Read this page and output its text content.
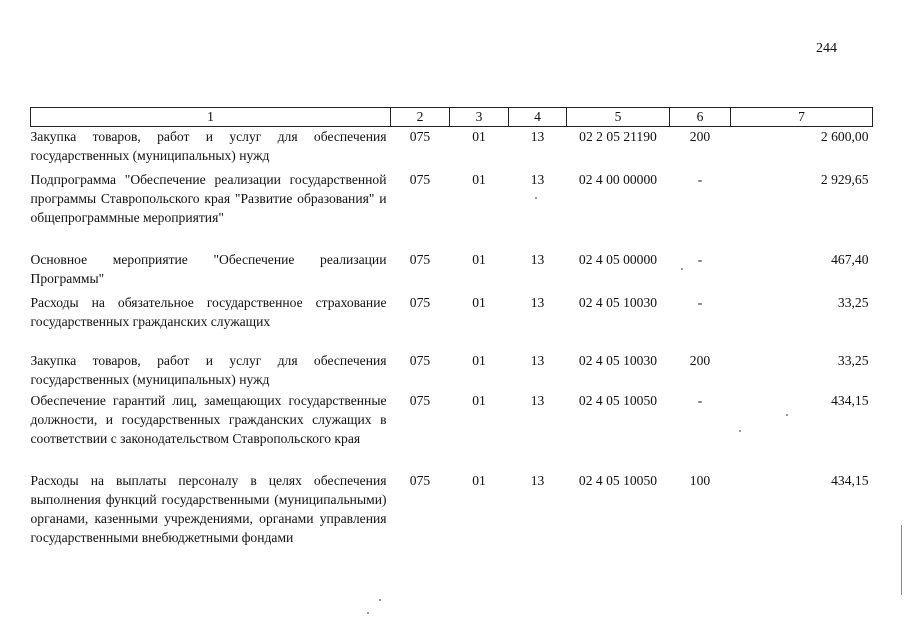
244
1	2	3	4	5	6	7
Закупка товаров, работ и услуг для обеспечения государственных (муниципальных) нужд	075	01	13	02 2 05 21190	200	2 600,00
Подпрограмма "Обеспечение реализации государственной программы Ставропольского края "Развитие образования" и общепрограммные мероприятия"	075	01	13	02 4 00 00000	-	2 929,65
Основное мероприятие "Обеспечение реализации Программы"	075	01	13	02 4 05 00000	-	467,40
Расходы на обязательное государственное страхование государственных гражданских служащих	075	01	13	02 4 05 10030	-	33,25
Закупка товаров, работ и услуг для обеспечения государственных (муниципальных) нужд	075	01	13	02 4 05 10030	200	33,25
Обеспечение гарантий лиц, замещающих государственные должности, и государственных гражданских служащих в соответствии с законодательством Ставропольского края	075	01	13	02 4 05 10050	-	434,15
Расходы на выплаты персоналу в целях обеспечения выполнения функций государственными (муниципальными) органами, казенными учреждениями, органами управления государственными внебюджетными фондами	075	01	13	02 4 05 10050	100	434,15
